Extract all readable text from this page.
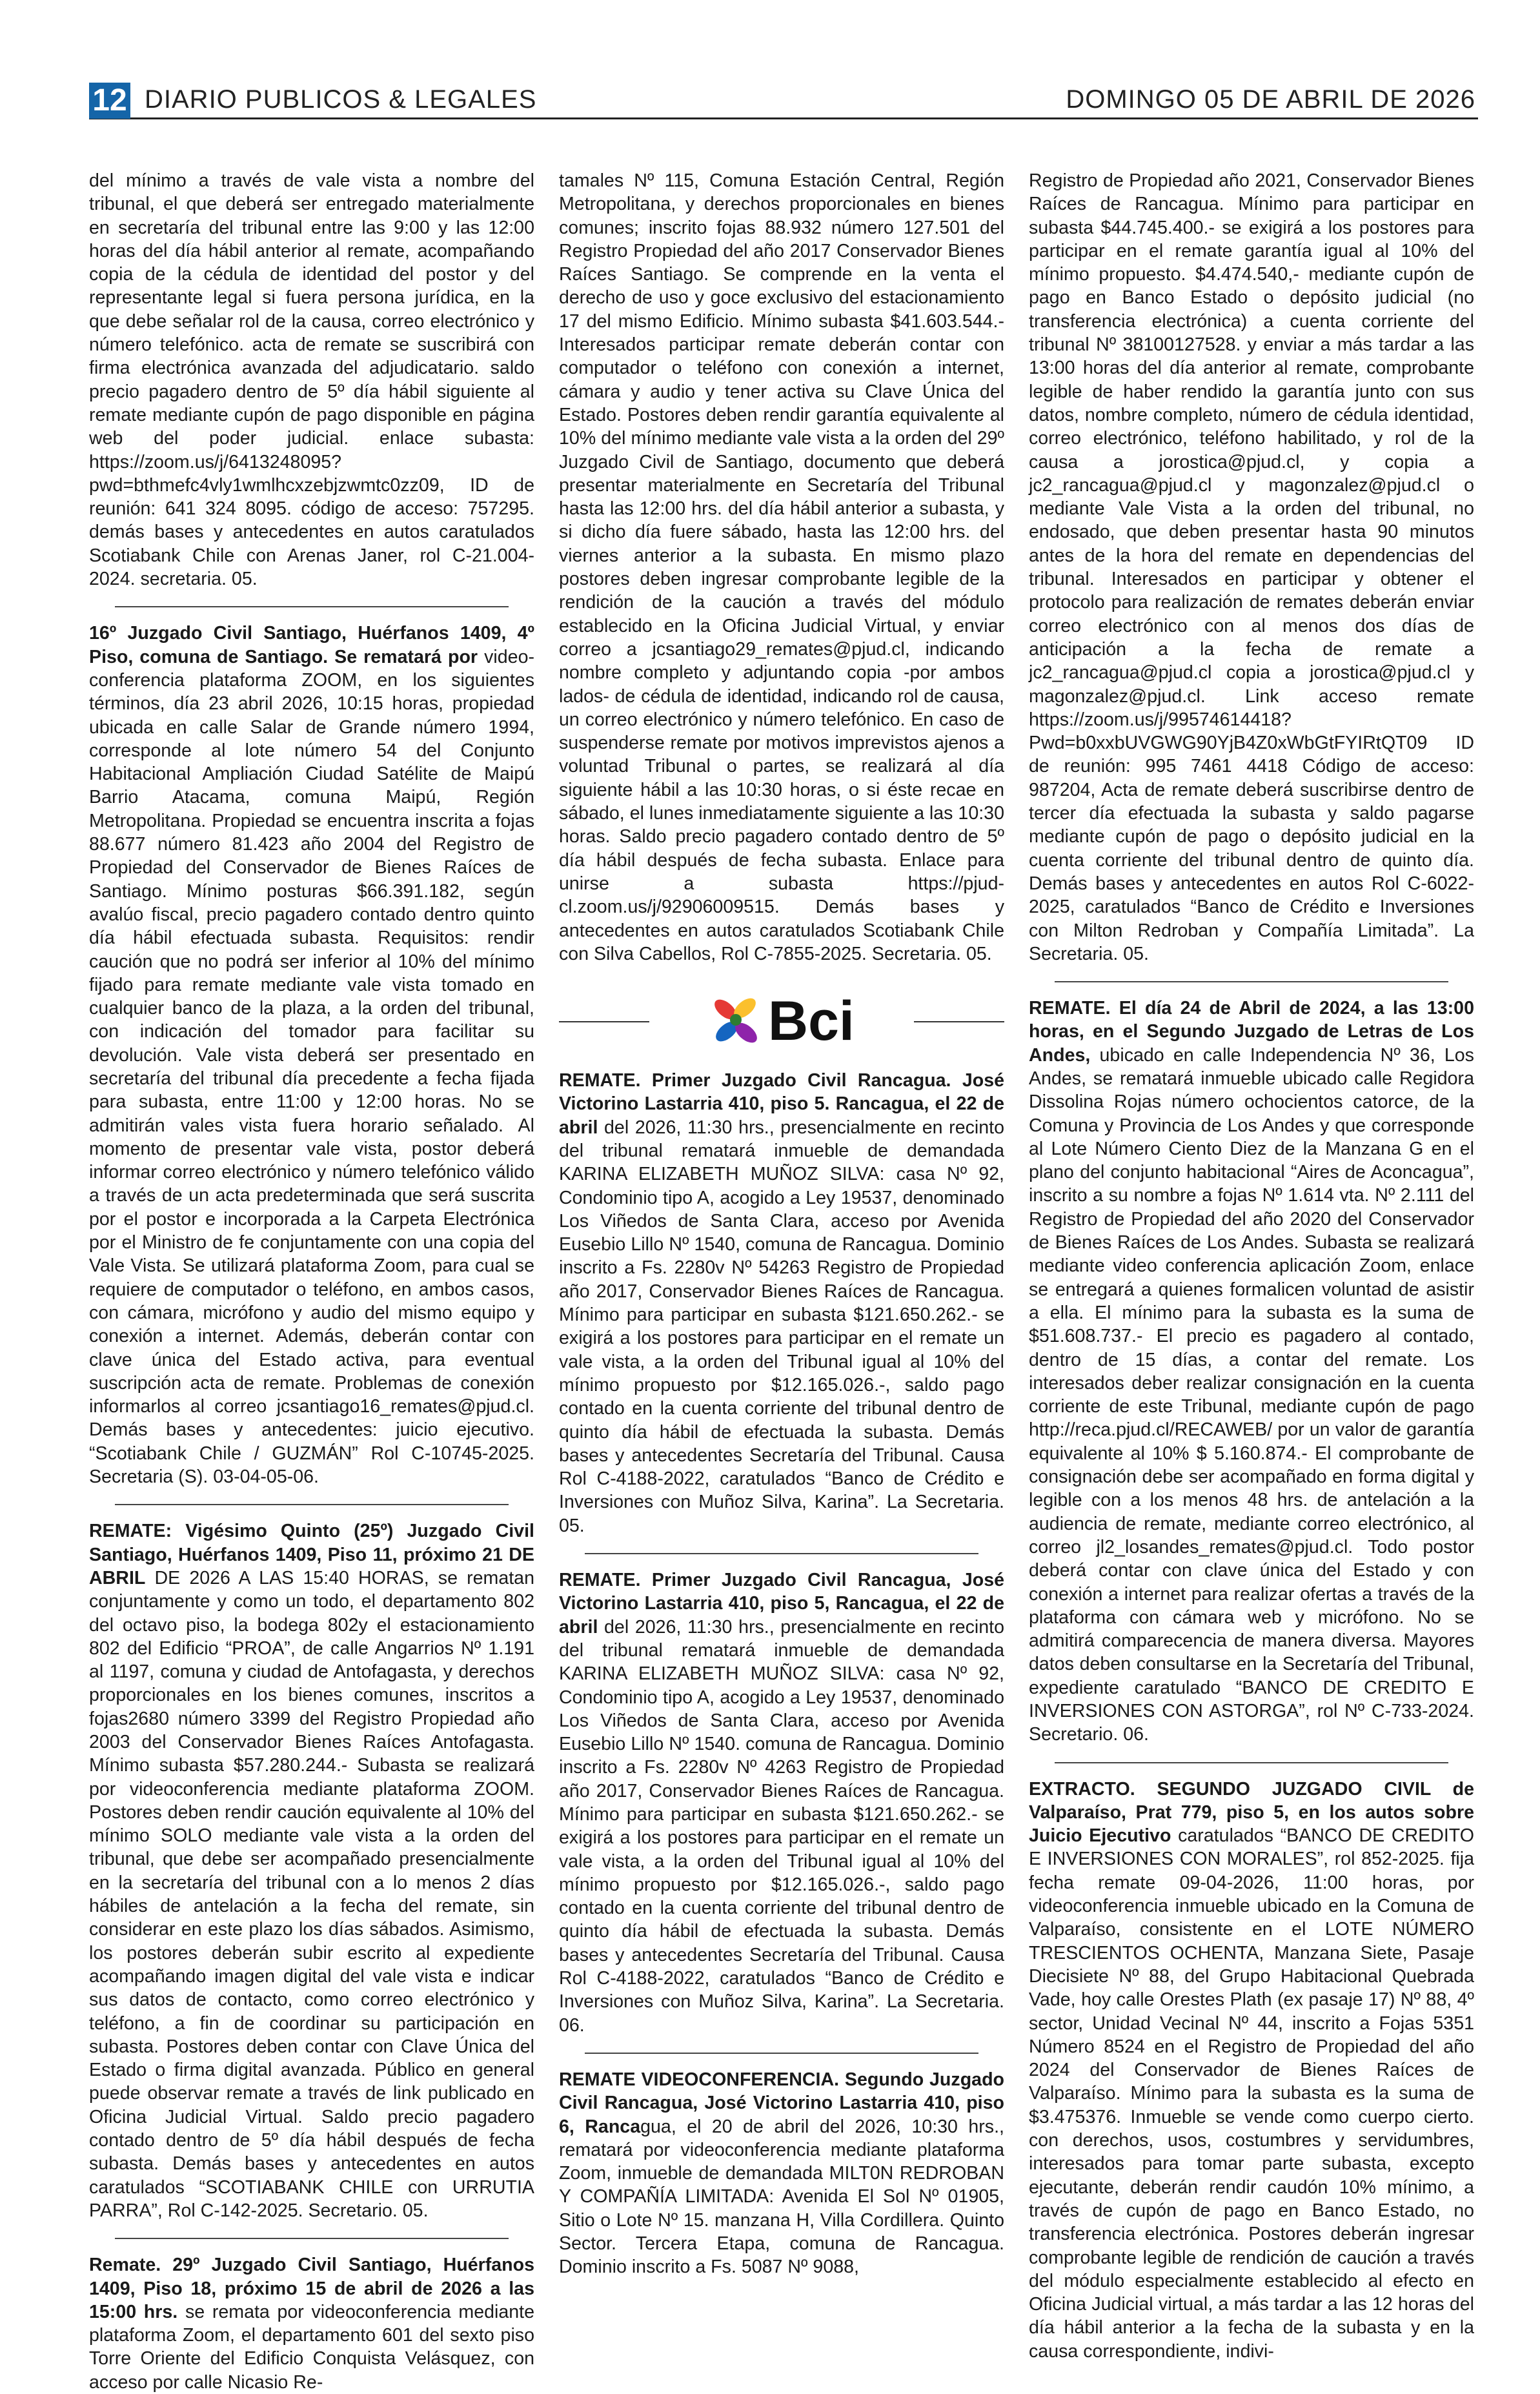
12 DIARIO PUBLICOS & LEGALES	DOMINGO 05 DE ABRIL DE 2026

del mínimo a través de vale vista a nombre del tribunal, el que deberá ser entregado materialmente en secretaría del tribunal entre las 9:00 y las 12:00 horas del día hábil anterior al remate, acompañando copia de la cédula de identidad del postor y del representante legal si fuera persona jurídica, en la que debe señalar rol de la causa, correo electrónico y número telefónico. acta de remate se suscribirá con firma electrónica avanzada del adjudicatario. saldo precio pagadero dentro de 5º día hábil siguiente al remate mediante cupón de pago disponible en página web del poder judicial. enlace subasta: https://zoom.us/j/6413248095?pwd=bthmefc4vly1wmlhcxzebjzwmtc0zz09, ID de reunión: 641 324 8095. código de acceso: 757295. demás bases y antecedentes en autos caratulados Scotiabank Chile con Arenas Janer, rol C-21.004-2024. secretaria. 05.

16º Juzgado Civil Santiago, Huérfanos 1409, 4º Piso, comuna de Santiago. Se rematará por video-conferencia plataforma ZOOM, en los siguientes términos, día 23 abril 2026, 10:15 horas, propiedad ubicada en calle Salar de Grande número 1994, corresponde al lote número 54 del Conjunto Habitacional Ampliación Ciudad Satélite de Maipú Barrio Atacama, comuna Maipú, Región Metropolitana. Propiedad se encuentra inscrita a fojas 88.677 número 81.423 año 2004 del Registro de Propiedad del Conservador de Bienes Raíces de Santiago. Mínimo posturas $66.391.182, según avalúo fiscal, precio pagadero contado dentro quinto día hábil efectuada subasta. Requisitos: rendir caución que no podrá ser inferior al 10% del mínimo fijado para remate mediante vale vista tomado en cualquier banco de la plaza, a la orden del tribunal, con indicación del tomador para facilitar su devolución. Vale vista deberá ser presentado en secretaría del tribunal día precedente a fecha fijada para subasta, entre 11:00 y 12:00 horas. No se admitirán vales vista fuera horario señalado. Al momento de presentar vale vista, postor deberá informar correo electrónico y número telefónico válido a través de un acta predeterminada que será suscrita por el postor e incorporada a la Carpeta Electrónica por el Ministro de fe conjuntamente con una copia del Vale Vista. Se utilizará plataforma Zoom, para cual se requiere de computador o teléfono, en ambos casos, con cámara, micrófono y audio del mismo equipo y conexión a internet. Además, deberán contar con clave única del Estado activa, para eventual suscripción acta de remate. Problemas de conexión informarlos al correo jcsantiago16_remates@pjud.cl. Demás bases y antecedentes: juicio ejecutivo. “Scotiabank Chile / GUZMÁN” Rol C-10745-2025. Secretaria (S). 03-04-05-06.

REMATE: Vigésimo Quinto (25º) Juzgado Civil Santiago, Huérfanos 1409, Piso 11, próximo 21 DE ABRIL DE 2026 A LAS 15:40 HORAS, se rematan conjuntamente y como un todo, el departamento 802 del octavo piso, la bodega 802y el estacionamiento 802 del Edificio “PROA”, de calle Angarrios Nº 1.191 al 1197, comuna y ciudad de Antofagasta, y derechos proporcionales en los bienes comunes, inscritos a fojas2680 número 3399 del Registro Propiedad año 2003 del Conservador Bienes Raíces Antofagasta. Mínimo subasta $57.280.244.- Subasta se realizará por videoconferencia mediante plataforma ZOOM. Postores deben rendir caución equivalente al 10% del mínimo SOLO mediante vale vista a la orden del tribunal, que debe ser acompañado presencialmente en la secretaría del tribunal con a lo menos 2 días hábiles de antelación a la fecha del remate, sin considerar en este plazo los días sábados. Asimismo, los postores deberán subir escrito al expediente acompañando imagen digital del vale vista e indicar sus datos de contacto, como correo electrónico y teléfono, a fin de coordinar su participación en subasta. Postores deben contar con Clave Única del Estado o firma digital avanzada. Público en general puede observar remate a través de link publicado en Oficina Judicial Virtual. Saldo precio pagadero contado dentro de 5º día hábil después de fecha subasta. Demás bases y antecedentes en autos caratulados “SCOTIABANK CHILE con URRUTIA PARRA”, Rol C-142-2025. Secretario. 05.

Remate. 29º Juzgado Civil Santiago, Huérfanos 1409, Piso 18, próximo 15 de abril de 2026 a las 15:00 hrs. se remata por videoconferencia mediante plataforma Zoom, el departamento 601 del sexto piso Torre Oriente del Edificio Conquista Velásquez, con acceso por calle Nicasio Re-

tamales Nº 115, Comuna Estación Central, Región Metropolitana, y derechos proporcionales en bienes comunes; inscrito fojas 88.932 número 127.501 del Registro Propiedad del año 2017 Conservador Bienes Raíces Santiago. Se comprende en la venta el derecho de uso y goce exclusivo del estacionamiento 17 del mismo Edificio. Mínimo subasta $41.603.544.- Interesados participar remate deberán contar con computador o teléfono con conexión a internet, cámara y audio y tener activa su Clave Única del Estado. Postores deben rendir garantía equivalente al 10% del mínimo mediante vale vista a la orden del 29º Juzgado Civil de Santiago, documento que deberá presentar materialmente en Secretaría del Tribunal hasta las 12:00 hrs. del día hábil anterior a subasta, y si dicho día fuere sábado, hasta las 12:00 hrs. del viernes anterior a la subasta. En mismo plazo postores deben ingresar comprobante legible de la rendición de la caución a través del módulo establecido en la Oficina Judicial Virtual, y enviar correo a jcsantiago29_remates@pjud.cl, indicando nombre completo y adjuntando copia -por ambos lados- de cédula de identidad, indicando rol de causa, un correo electrónico y número telefónico. En caso de suspenderse remate por motivos imprevistos ajenos a voluntad Tribunal o partes, se realizará al día siguiente hábil a las 10:30 horas, o si éste recae en sábado, el lunes inmediatamente siguiente a las 10:30 horas. Saldo precio pagadero contado dentro de 5º día hábil después de fecha subasta. Enlace para unirse a subasta https://pjud-cl.zoom.us/j/92906009515. Demás bases y antecedentes en autos caratulados Scotiabank Chile con Silva Cabellos, Rol C-7855-2025. Secretaria. 05.

Bci

REMATE. Primer Juzgado Civil Rancagua. José Victorino Lastarria 410, piso 5. Rancagua, el 22 de abril del 2026, 11:30 hrs., presencialmente en recinto del tribunal rematará inmueble de demandada KARINA ELIZABETH MUÑOZ SILVA: casa Nº 92, Condominio tipo A, acogido a Ley 19537, denominado Los Viñedos de Santa Clara, acceso por Avenida Eusebio Lillo Nº 1540, comuna de Rancagua. Dominio inscrito a Fs. 2280v Nº 54263 Registro de Propiedad año 2017, Conservador Bienes Raíces de Rancagua. Mínimo para participar en subasta $121.650.262.- se exigirá a los postores para participar en el remate un vale vista, a la orden del Tribunal igual al 10% del mínimo propuesto por $12.165.026.-, saldo pago contado en la cuenta corriente del tribunal dentro de quinto día hábil de efectuada la subasta. Demás bases y antecedentes Secretaría del Tribunal. Causa Rol C-4188-2022, caratulados “Banco de Crédito e Inversiones con Muñoz Silva, Karina”. La Secretaria. 05.

REMATE. Primer Juzgado Civil Rancagua, José Victorino Lastarria 410, piso 5, Rancagua, el 22 de abril del 2026, 11:30 hrs., presencialmente en recinto del tribunal rematará inmueble de demandada KARINA ELIZABETH MUÑOZ SILVA: casa Nº 92, Condominio tipo A, acogido a Ley 19537, denominado Los Viñedos de Santa Clara, acceso por Avenida Eusebio Lillo Nº 1540. comuna de Rancagua. Dominio inscrito a Fs. 2280v Nº 4263 Registro de Propiedad año 2017, Conservador Bienes Raíces de Rancagua. Mínimo para participar en subasta $121.650.262.- se exigirá a los postores para participar en el remate un vale vista, a la orden del Tribunal igual al 10% del mínimo propuesto por $12.165.026.-, saldo pago contado en la cuenta corriente del tribunal dentro de quinto día hábil de efectuada la subasta. Demás bases y antecedentes Secretaría del Tribunal. Causa Rol C-4188-2022, caratulados “Banco de Crédito e Inversiones con Muñoz Silva, Karina”. La Secretaria. 06.

REMATE VIDEOCONFERENCIA. Segundo Juzgado Civil Rancagua, José Victorino Lastarria 410, piso 6, Rancagua, el 20 de abril del 2026, 10:30 hrs., rematará por videoconferencia mediante plataforma Zoom, inmueble de demandada MILT0N REDROBAN Y COMPAÑÍA LIMITADA: Avenida El Sol Nº 01905, Sitio o Lote Nº 15. manzana H, Villa Cordillera. Quinto Sector. Tercera Etapa, comuna de Rancagua. Dominio inscrito a Fs. 5087 Nº 9088,

Registro de Propiedad año 2021, Conservador Bienes Raíces de Rancagua. Mínimo para participar en subasta $44.745.400.- se exigirá a los postores para participar en el remate garantía igual al 10% del mínimo propuesto. $4.474.540,- mediante cupón de pago en Banco Estado o depósito judicial (no transferencia electrónica) a cuenta corriente del tribunal Nº 38100127528. y enviar a más tardar a las 13:00 horas del día anterior al remate, comprobante legible de haber rendido la garantía junto con sus datos, nombre completo, número de cédula identidad, correo electrónico, teléfono habilitado, y rol de la causa a jorostica@pjud.cl, y copia a jc2_rancagua@pjud.cl y magonzalez@pjud.cl o mediante Vale Vista a la orden del tribunal, no endosado, que deben presentar hasta 90 minutos antes de la hora del remate en dependencias del tribunal. Interesados en participar y obtener el protocolo para realización de remates deberán enviar correo electrónico con al menos dos días de anticipación a la fecha de remate a jc2_rancagua@pjud.cl copia a jorostica@pjud.cl y magonzalez@pjud.cl. Link acceso remate https://zoom.us/j/99574614418?Pwd=b0xxbUVGWG90YjB4Z0xWbGtFYIRtQT09 ID de reunión: 995 7461 4418 Código de acceso: 987204, Acta de remate deberá suscribirse dentro de tercer día efectuada la subasta y saldo pagarse mediante cupón de pago o depósito judicial en la cuenta corriente del tribunal dentro de quinto día. Demás bases y antecedentes en autos Rol C-6022-2025, caratulados “Banco de Crédito e Inversiones con Milton Redroban y Compañía Limitada”. La Secretaria. 05.

REMATE. El día 24 de Abril de 2024, a las 13:00 horas, en el Segundo Juzgado de Letras de Los Andes, ubicado en calle Independencia Nº 36, Los Andes, se rematará inmueble ubicado calle Regidora Dissolina Rojas número ochocientos catorce, de la Comuna y Provincia de Los Andes y que corresponde al Lote Número Ciento Diez de la Manzana G en el plano del conjunto habitacional “Aires de Aconcagua”, inscrito a su nombre a fojas Nº 1.614 vta. Nº 2.111 del Registro de Propiedad del año 2020 del Conservador de Bienes Raíces de Los Andes. Subasta se realizará mediante video conferencia aplicación Zoom, enlace se entregará a quienes formalicen voluntad de asistir a ella. El mínimo para la subasta es la suma de $51.608.737.- El precio es pagadero al contado, dentro de 15 días, a contar del remate. Los interesados deber realizar consignación en la cuenta corriente de este Tribunal, mediante cupón de pago http://reca.pjud.cl/RECAWEB/ por un valor de garantía equivalente al 10% $ 5.160.874.- El comprobante de consignación debe ser acompañado en forma digital y legible con a los menos 48 hrs. de antelación a la audiencia de remate, mediante correo electrónico, al correo jl2_losandes_remates@pjud.cl. Todo postor deberá contar con clave única del Estado y con conexión a internet para realizar ofertas a través de la plataforma con cámara web y micrófono. No se admitirá comparecencia de manera diversa. Mayores datos deben consultarse en la Secretaría del Tribunal, expediente caratulado “BANCO DE CREDITO E INVERSIONES CON ASTORGA”, rol Nº C-733-2024. Secretario. 06.

EXTRACTO. SEGUNDO JUZGADO CIVIL de Valparaíso, Prat 779, piso 5, en los autos sobre Juicio Ejecutivo caratulados “BANCO DE CREDITO E INVERSIONES CON MORALES”, rol 852-2025. fija fecha remate 09-04-2026, 11:00 horas, por videoconferencia inmueble ubicado en la Comuna de Valparaíso, consistente en el LOTE NÚMERO TRESCIENTOS OCHENTA, Manzana Siete, Pasaje Diecisiete Nº 88, del Grupo Habitacional Quebrada Vade, hoy calle Orestes Plath (ex pasaje 17) Nº 88, 4º sector, Unidad Vecinal Nº 44, inscrito a Fojas 5351 Número 8524 en el Registro de Propiedad del año 2024 del Conservador de Bienes Raíces de Valparaíso. Mínimo para la subasta es la suma de $3.475376. Inmueble se vende como cuerpo cierto. con derechos, usos, costumbres y servidumbres, interesados para tomar parte subasta, excepto ejecutante, deberán rendir caudón 10% mínimo, a través de cupón de pago en Banco Estado, no transferencia electrónica. Postores deberán ingresar comprobante legible de rendición de caución a través del módulo especialmente establecido al efecto en Oficina Judicial virtual, a más tardar a las 12 horas del día hábil anterior a la fecha de la subasta y en la causa correspondiente, indivi-
